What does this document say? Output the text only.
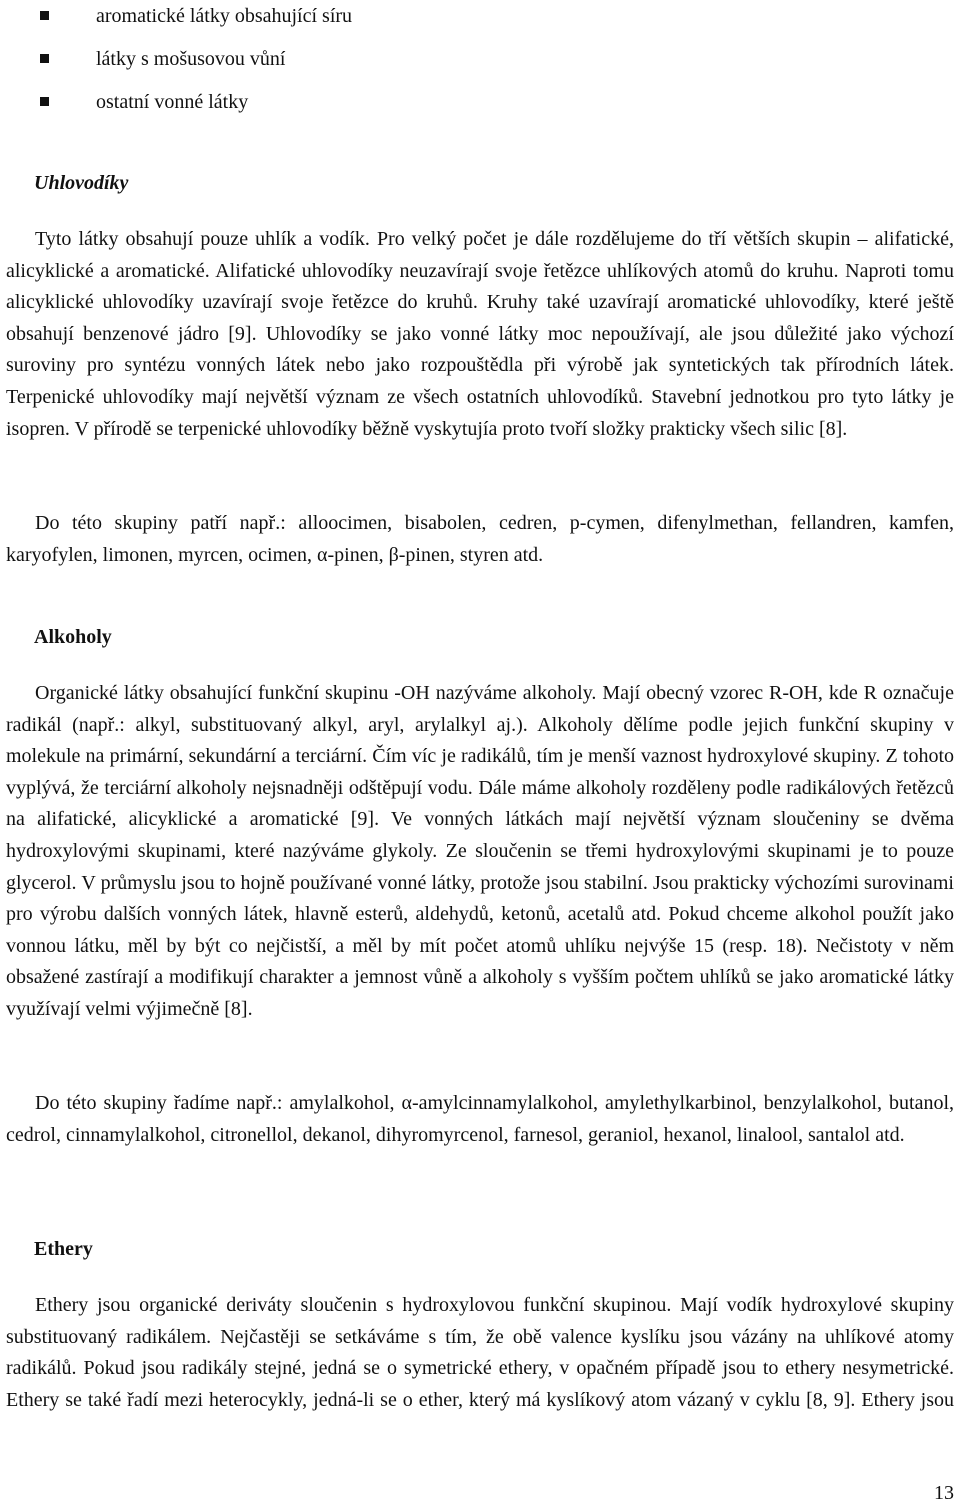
aromatické látky obsahující síru
látky s mošusovou vůní
ostatní vonné látky
Uhlovodíky

Tyto látky obsahují pouze uhlík a vodík. Pro velký počet je dále rozdělujeme do tří větších skupin – alifatické, alicyklické a aromatické. Alifatické uhlovodíky neuzavírají svoje řetězce uhlíkových atomů do kruhu. Naproti tomu alicyklické uhlovodíky uzavírají svoje řetězce do kruhů. Kruhy také uzavírají aromatické uhlovodíky, které ještě obsahují benzenové jádro [9]. Uhlovodíky se jako vonné látky moc nepoužívají, ale jsou důležité jako výchozí suroviny pro syntézu vonných látek nebo jako rozpouštědla při výrobě jak syntetických tak přírodních látek. Terpenické uhlovodíky mají největší význam ze všech ostatních uhlovodíků. Stavební jednotkou pro tyto látky je isopren. V přírodě se terpenické uhlovodíky běžně vyskytujía proto tvoří složky prakticky všech silic [8].

Do této skupiny patří např.: alloocimen, bisabolen, cedren, p-cymen, difenylmethan, fellandren, kamfen, karyofylen, limonen, myrcen, ocimen, α-pinen, β-pinen, styren atd.

Alkoholy

Organické látky obsahující funkční skupinu -OH nazýváme alkoholy. Mají obecný vzorec R-OH, kde R označuje radikál (např.: alkyl, substituovaný alkyl, aryl, arylalkyl aj.). Alkoholy dělíme podle jejich funkční skupiny v molekule na primární, sekundární a terciární. Čím víc je radikálů, tím je menší vaznost hydroxylové skupiny. Z tohoto vyplývá, že terciární alkoholy nejsnadněji odštěpují vodu. Dále máme alkoholy rozděleny podle radikálových řetězců na alifatické, alicyklické a aromatické [9]. Ve vonných látkách mají největší význam sloučeniny se dvěma hydroxylovými skupinami, které nazýváme glykoly. Ze sloučenin se třemi hydroxylovými skupinami je to pouze glycerol. V průmyslu jsou to hojně používané vonné látky, protože jsou stabilní. Jsou prakticky výchozími surovinami pro výrobu dalších vonných látek, hlavně esterů, aldehydů, ketonů, acetalů atd. Pokud chceme alkohol použít jako vonnou látku, měl by být co nejčistší, a měl by mít počet atomů uhlíku nejvýše 15 (resp. 18). Nečistoty v něm obsažené zastírají a modifikují charakter a jemnost vůně a alkoholy s vyšším počtem uhlíků se jako aromatické látky využívají velmi výjimečně [8].

Do této skupiny řadíme např.: amylalkohol, α-amylcinnamylalkohol, amylethylkarbinol, benzylalkohol, butanol, cedrol, cinnamylalkohol, citronellol, dekanol, dihyromyrcenol, farnesol, geraniol, hexanol, linalool, santalol atd.

Ethery

Ethery jsou organické deriváty sloučenin s hydroxylovou funkční skupinou. Mají vodík hydroxylové skupiny substituovaný radikálem. Nejčastěji se setkáváme s tím, že obě valence kyslíku jsou vázány na uhlíkové atomy radikálů. Pokud jsou radikály stejné, jedná se o symetrické ethery, v opačném případě jsou to ethery nesymetrické. Ethery se také řadí mezi heterocykly, jedná-li se o ether, který má kyslíkový atom vázaný v cyklu [8, 9]. Ethery jsou

13
